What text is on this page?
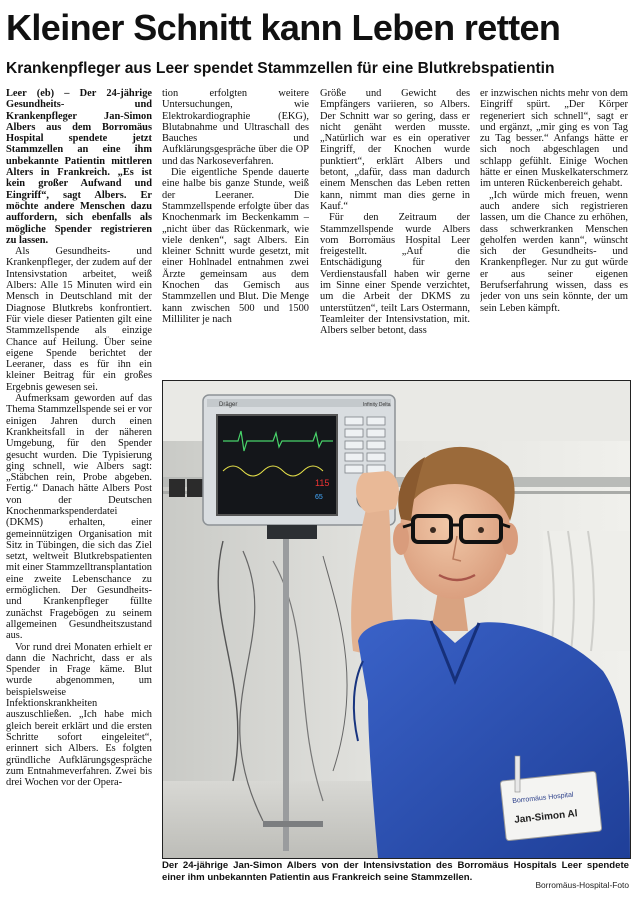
Kleiner Schnitt kann Leben retten
Krankenpfleger aus Leer spendet Stammzellen für eine Blutkrebspatientin

Leer (eb) – Der 24-jährige Gesundheits- und Krankenpfleger Jan-Simon Albers aus dem Borromäus Hospital spendete jetzt Stammzellen an eine ihm unbekannte Patientin mittleren Alters in Frankreich. „Es ist kein großer Aufwand und Eingriff“, sagt Albers. Er möchte andere Menschen dazu auffordern, sich ebenfalls als mögliche Spender registrieren zu lassen.

Als Gesundheits- und Krankenpfleger, der zudem auf der Intensivstation arbeitet, weiß Albers: Alle 15 Minuten wird ein Mensch in Deutschland mit der Diagnose Blutkrebs konfrontiert. Für viele dieser Patienten gilt eine Stammzellspende als einzige Chance auf Heilung. Über seine eigene Spende berichtet der Leeraner, dass es für ihn ein kleiner Beitrag für ein großes Ergebnis gewesen sei.

Aufmerksam geworden auf das Thema Stammzellspende sei er vor einigen Jahren durch einen Krankheitsfall in der näheren Umgebung, für den Spender gesucht wurden. Die Typisierung ging schnell, wie Albers sagt: „Stäbchen rein, Probe abgeben. Fertig.“ Danach hätte Albers Post von der Deutschen Knochenmarkspenderdatei (DKMS) erhalten, einer gemeinnützigen Organisation mit Sitz in Tübingen, die sich das Ziel setzt, weltweit Blutkrebspatienten mit einer Stammzelltransplantation eine zweite Lebenschance zu ermöglichen. Der Gesundheits- und Krankenpfleger füllte zunächst Fragebögen zu seinem allgemeinen Gesundheitszustand aus.

Vor rund drei Monaten erhielt er dann die Nachricht, dass er als Spender in Frage käme. Blut wurde abgenommen, um beispielsweise Infektionskrankheiten auszuschließen. „Ich habe mich gleich bereit erklärt und die ersten Schritte sofort eingeleitet“, erinnert sich Albers. Es folgten gründliche Aufklärungsgespräche zum Entnahmeverfahren. Zwei bis drei Wochen vor der Opera-

tion erfolgten weitere Untersuchungen, wie Elektrokardiographie (EKG), Blutabnahme und Ultraschall des Bauches und Aufklärungsgespräche über die OP und das Narkoseverfahren.

Die eigentliche Spende dauerte eine halbe bis ganze Stunde, weiß der Leeraner. Die Stammzellspende erfolgte über das Knochenmark im Beckenkamm – „nicht über das Rückenmark, wie viele denken“, sagt Albers. Ein kleiner Schnitt wurde gesetzt, mit einer Hohlnadel entnahmen zwei Ärzte gemeinsam aus dem Knochen das Gemisch aus Stammzellen und Blut. Die Menge kann zwischen 500 und 1500 Milliliter je nach

Größe und Gewicht des Empfängers variieren, so Albers. Der Schnitt war so gering, dass er nicht genäht werden musste. „Natürlich war es ein operativer Eingriff, der Knochen wurde punktiert“, erklärt Albers und betont, „dafür, dass man dadurch einem Menschen das Leben retten kann, nimmt man dies gerne in Kauf.“

Für den Zeitraum der Stammzellspende wurde Albers vom Borromäus Hospital Leer freigestellt. „Auf die Entschädigung für den Verdienstausfall haben wir gerne im Sinne einer Spende verzichtet, um die Arbeit der DKMS zu unterstützen“, teilt Lars Ostermann, Teamleiter der Intensivstation, mit. Albers selber betont, dass

er inzwischen nichts mehr von dem Eingriff spürt. „Der Körper regeneriert sich schnell“, sagt er und ergänzt, „mir ging es von Tag zu Tag besser.“ Anfangs hätte er sich noch abgeschlagen und schlapp gefühlt. Einige Wochen hätte er einen Muskelkaterschmerz im unteren Rückenbereich gehabt.

„Ich würde mich freuen, wenn auch andere sich registrieren lassen, um die Chance zu erhöhen, dass schwerkranken Menschen geholfen werden kann“, wünscht sich der Gesundheits- und Krankenpfleger. Nur zu gut würde er aus seiner eigenen Berufserfahrung wissen, dass es jeder von uns sein könnte, der um sein Leben kämpft.

Dräger	Infinity Delta
115
65
Borromäus Hospital
Jan-Simon Al
Der 24-jährige Jan-Simon Albers von der Intensivstation des Borromäus Hospitals Leer spendete einer ihm unbekannten Patientin aus Frankreich seine Stammzellen.
Borromäus-Hospital-Foto
